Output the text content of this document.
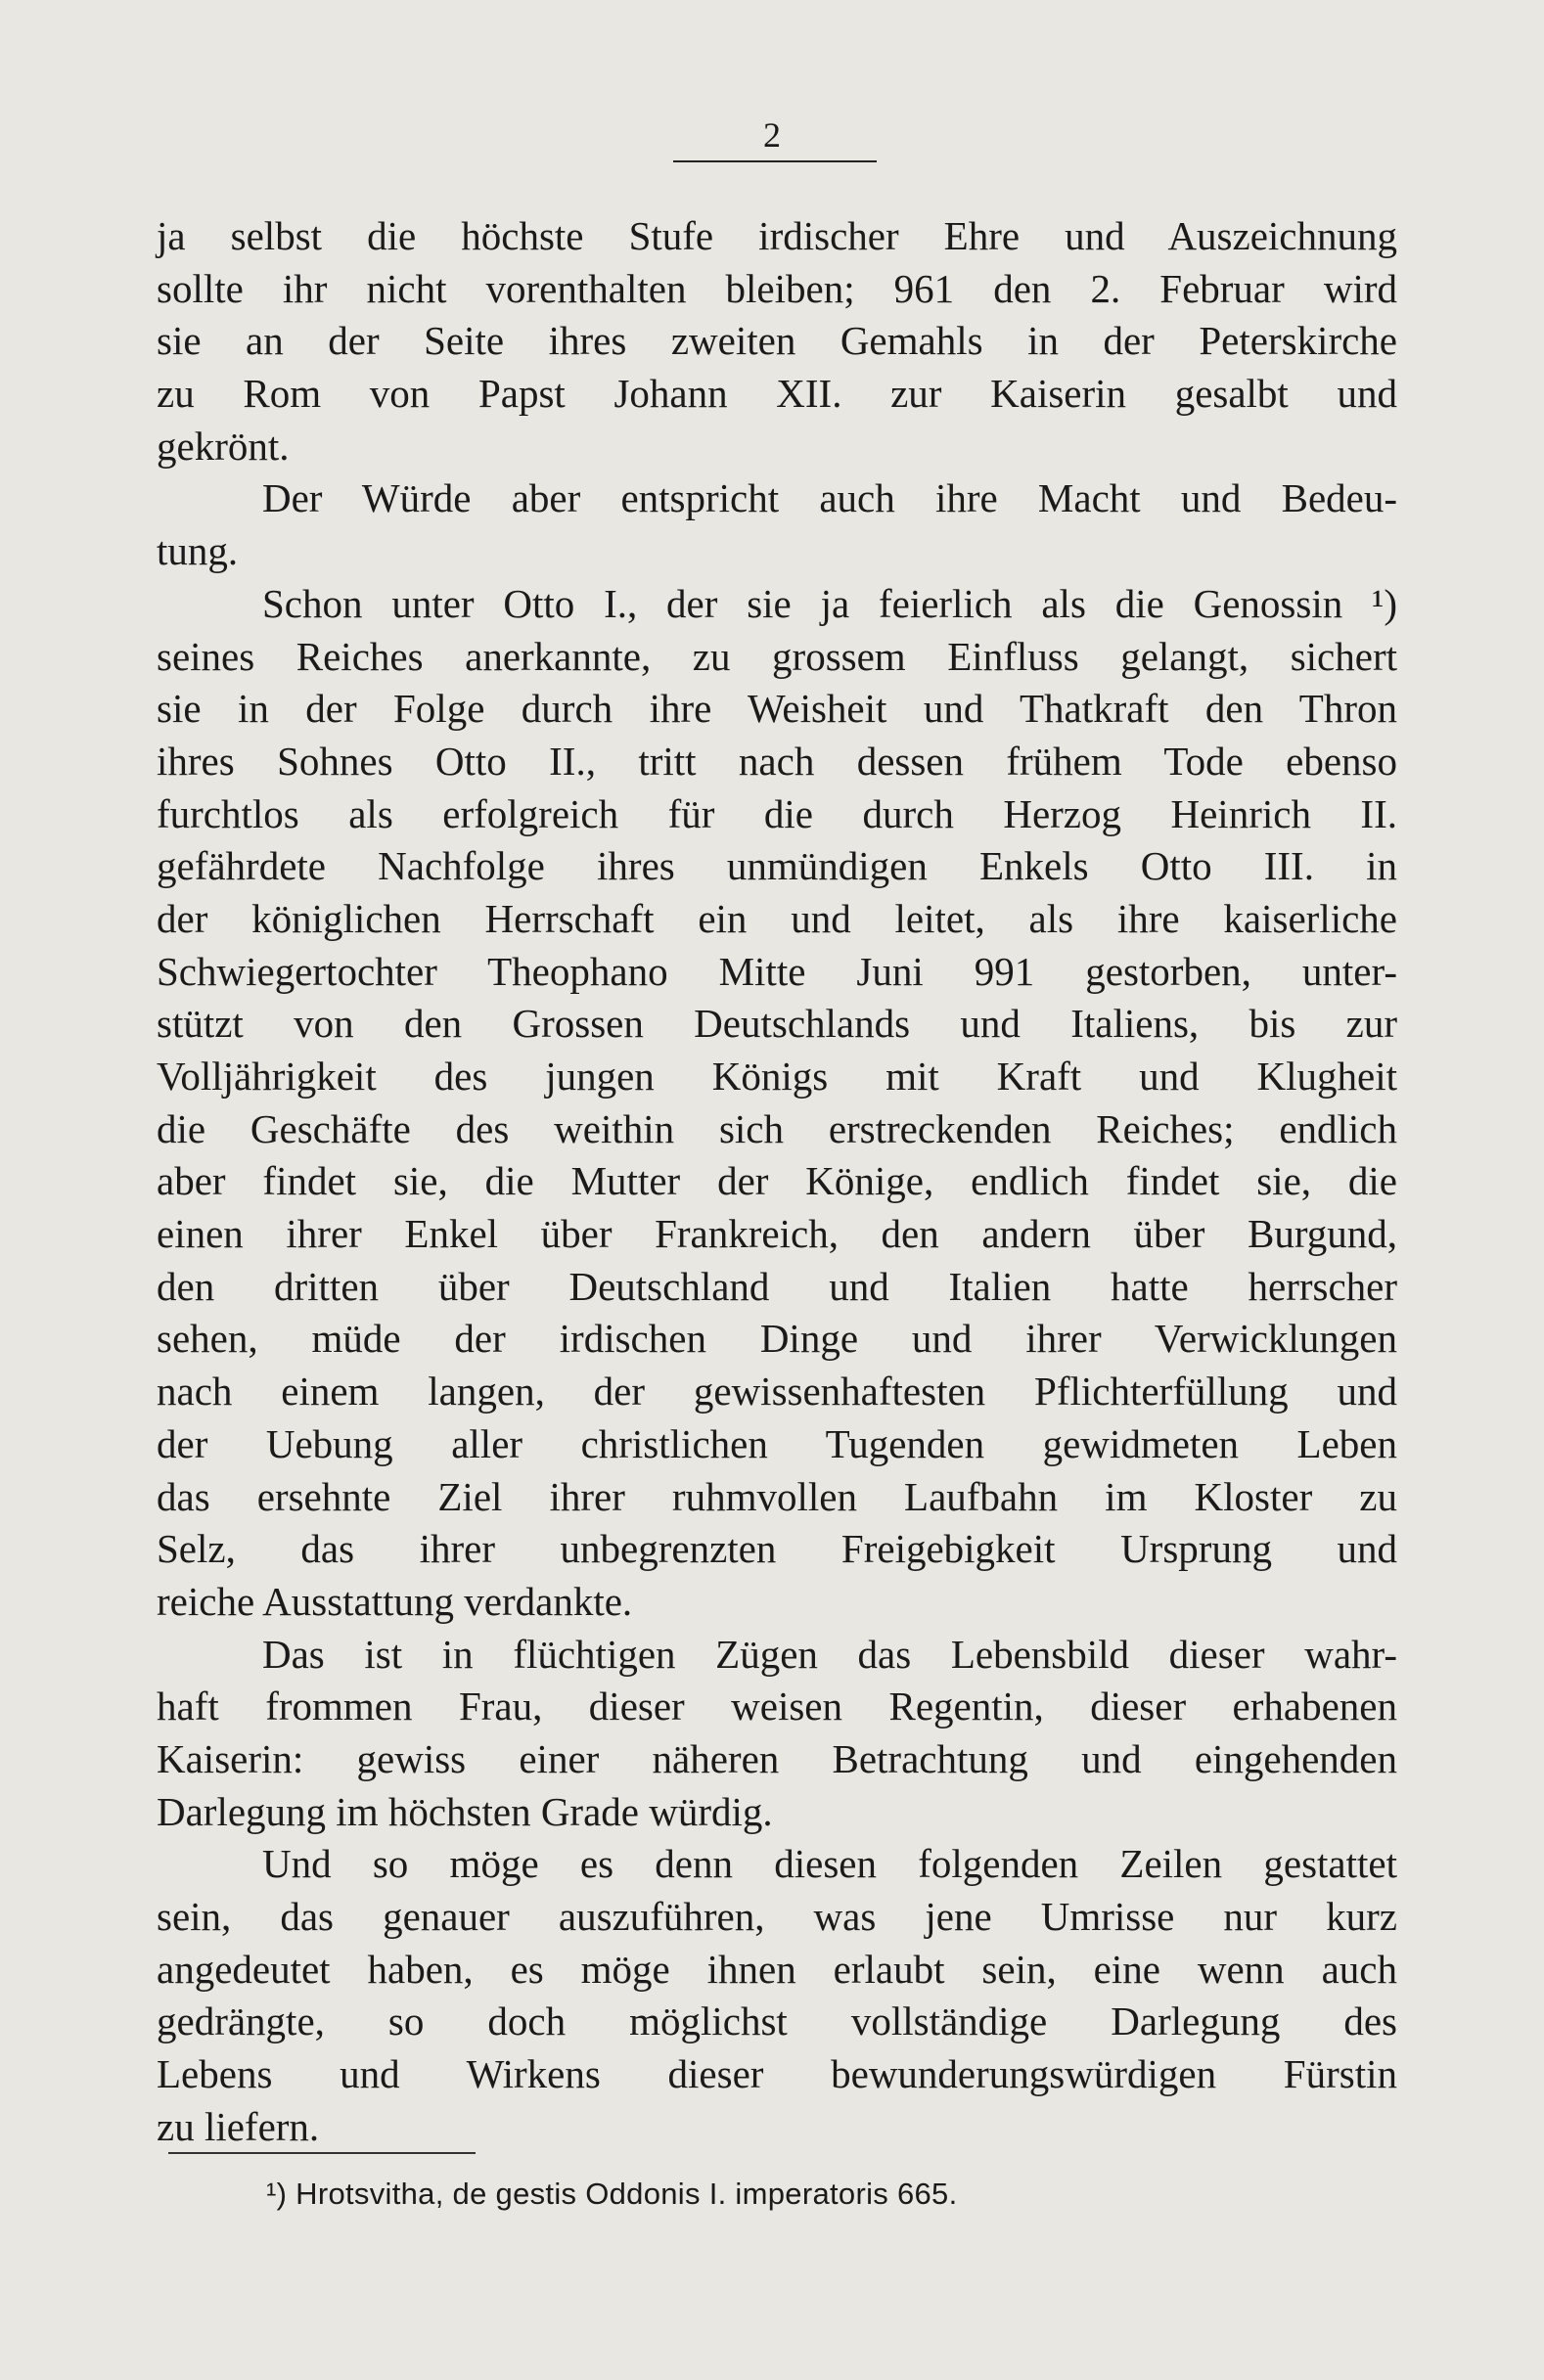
2
ja selbst die höchste Stufe irdischer Ehre und Auszeichnung
sollte ihr nicht vorenthalten bleiben; 961 den 2. Februar wird
sie an der Seite ihres zweiten Gemahls in der Peterskirche
zu Rom von Papst Johann XII. zur Kaiserin gesalbt und
gekrönt.
Der Würde aber entspricht auch ihre Macht und Bedeu-
tung.
Schon unter Otto I., der sie ja feierlich als die Genossin ¹)
seines Reiches anerkannte, zu grossem Einfluss gelangt, sichert
sie in der Folge durch ihre Weisheit und Thatkraft den Thron
ihres Sohnes Otto II., tritt nach dessen frühem Tode ebenso
furchtlos als erfolgreich für die durch Herzog Heinrich II.
gefährdete Nachfolge ihres unmündigen Enkels Otto III. in
der königlichen Herrschaft ein und leitet, als ihre kaiserliche
Schwiegertochter Theophano Mitte Juni 991 gestorben, unter-
stützt von den Grossen Deutschlands und Italiens, bis zur
Volljährigkeit des jungen Königs mit Kraft und Klugheit
die Geschäfte des weithin sich erstreckenden Reiches; endlich
aber findet sie, die Mutter der Könige, endlich findet sie, die
einen ihrer Enkel über Frankreich, den andern über Burgund,
den dritten über Deutschland und Italien hatte herrscher
sehen, müde der irdischen Dinge und ihrer Verwicklungen
nach einem langen, der gewissenhaftesten Pflichterfüllung und
der Uebung aller christlichen Tugenden gewidmeten Leben
das ersehnte Ziel ihrer ruhmvollen Laufbahn im Kloster zu
Selz, das ihrer unbegrenzten Freigebigkeit Ursprung und
reiche Ausstattung verdankte.
Das ist in flüchtigen Zügen das Lebensbild dieser wahr-
haft frommen Frau, dieser weisen Regentin, dieser erhabenen
Kaiserin: gewiss einer näheren Betrachtung und eingehenden
Darlegung im höchsten Grade würdig.
Und so möge es denn diesen folgenden Zeilen gestattet
sein, das genauer auszuführen, was jene Umrisse nur kurz
angedeutet haben, es möge ihnen erlaubt sein, eine wenn auch
gedrängte, so doch möglichst vollständige Darlegung des
Lebens und Wirkens dieser bewunderungswürdigen Fürstin
zu liefern.
¹) Hrotsvitha, de gestis Oddonis I. imperatoris 665.
